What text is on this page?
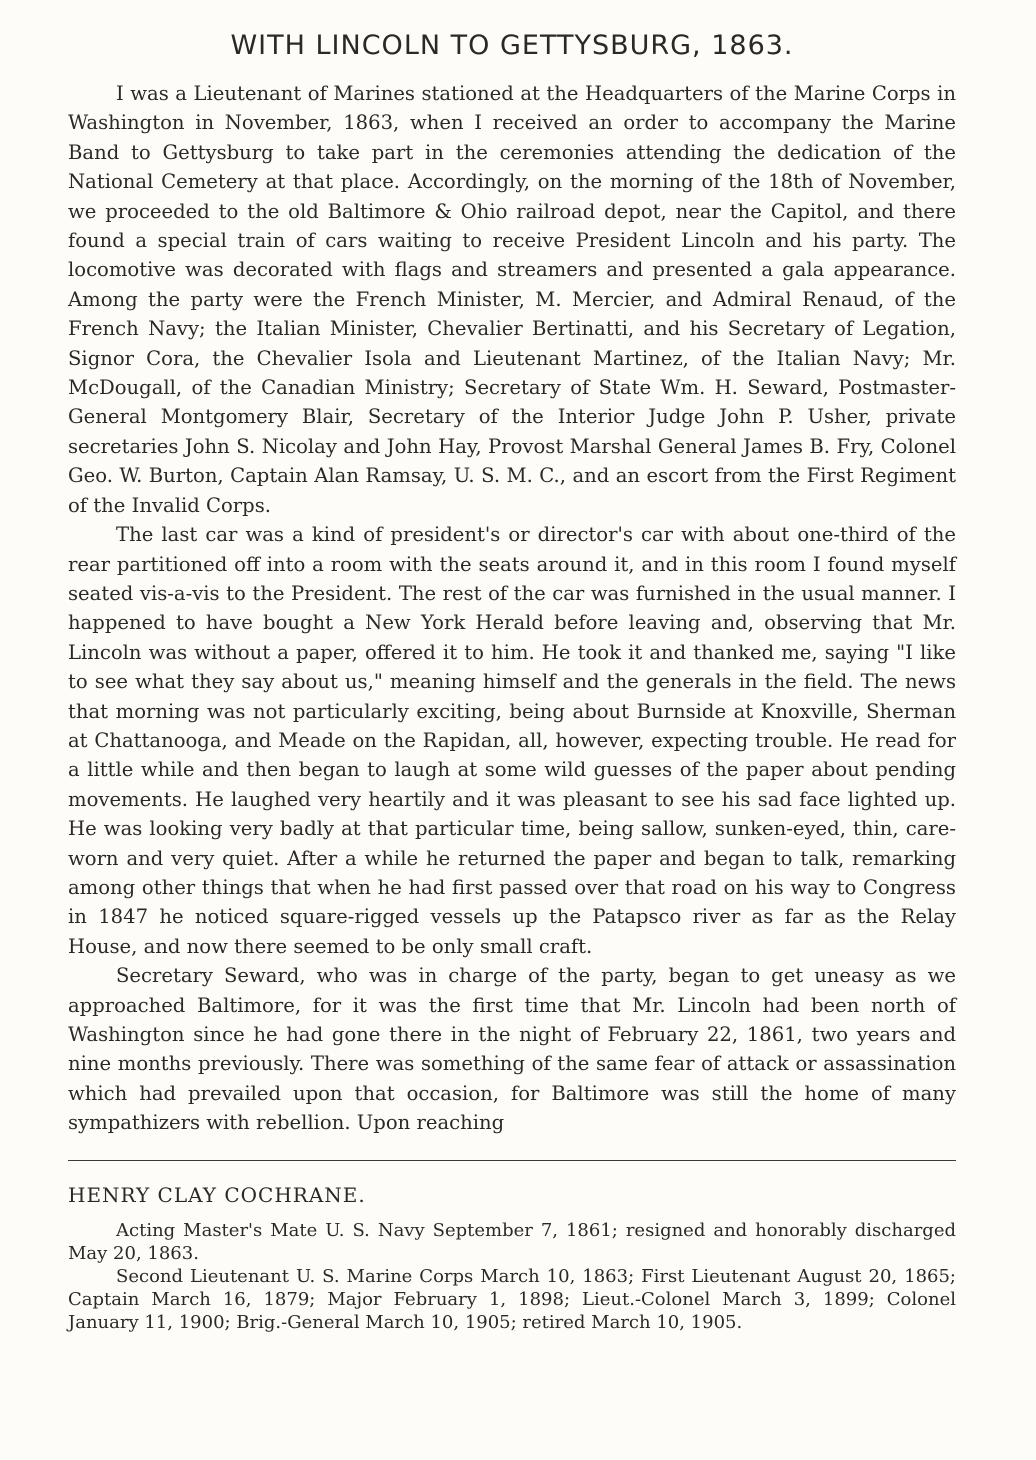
WITH LINCOLN TO GETTYSBURG, 1863.

I was a Lieutenant of Marines stationed at the Headquarters of the Marine Corps in Washington in November, 1863, when I received an order to accompany the Marine Band to Gettysburg to take part in the ceremonies attending the dedication of the National Cemetery at that place. Accordingly, on the morning of the 18th of November, we proceeded to the old Baltimore & Ohio railroad depot, near the Capitol, and there found a special train of cars waiting to receive President Lincoln and his party. The locomotive was decorated with flags and streamers and presented a gala appearance. Among the party were the French Minister, M. Mercier, and Admiral Renaud, of the French Navy; the Italian Minister, Chevalier Bertinatti, and his Secretary of Legation, Signor Cora, the Chevalier Isola and Lieutenant Martinez, of the Italian Navy; Mr. McDougall, of the Canadian Ministry; Secretary of State Wm. H. Seward, Postmaster-General Montgomery Blair, Secretary of the Interior Judge John P. Usher, private secretaries John S. Nicolay and John Hay, Provost Marshal General James B. Fry, Colonel Geo. W. Burton, Captain Alan Ramsay, U. S. M. C., and an escort from the First Regiment of the Invalid Corps.

The last car was a kind of president's or director's car with about one-third of the rear partitioned off into a room with the seats around it, and in this room I found myself seated vis-a-vis to the President. The rest of the car was furnished in the usual manner. I happened to have bought a New York Herald before leaving and, observing that Mr. Lincoln was without a paper, offered it to him. He took it and thanked me, saying "I like to see what they say about us," meaning himself and the generals in the field. The news that morning was not particularly exciting, being about Burnside at Knoxville, Sherman at Chattanooga, and Meade on the Rapidan, all, however, expecting trouble. He read for a little while and then began to laugh at some wild guesses of the paper about pending movements. He laughed very heartily and it was pleasant to see his sad face lighted up. He was looking very badly at that particular time, being sallow, sunken-eyed, thin, care-worn and very quiet. After a while he returned the paper and began to talk, remarking among other things that when he had first passed over that road on his way to Congress in 1847 he noticed square-rigged vessels up the Patapsco river as far as the Relay House, and now there seemed to be only small craft.

Secretary Seward, who was in charge of the party, began to get uneasy as we approached Baltimore, for it was the first time that Mr. Lincoln had been north of Washington since he had gone there in the night of February 22, 1861, two years and nine months previously. There was something of the same fear of attack or assassination which had prevailed upon that occasion, for Baltimore was still the home of many sympathizers with rebellion. Upon reaching

HENRY CLAY COCHRANE.

Acting Master's Mate U. S. Navy September 7, 1861; resigned and honorably discharged May 20, 1863.

Second Lieutenant U. S. Marine Corps March 10, 1863; First Lieutenant August 20, 1865; Captain March 16, 1879; Major February 1, 1898; Lieut.-Colonel March 3, 1899; Colonel January 11, 1900; Brig.-General March 10, 1905; retired March 10, 1905.
